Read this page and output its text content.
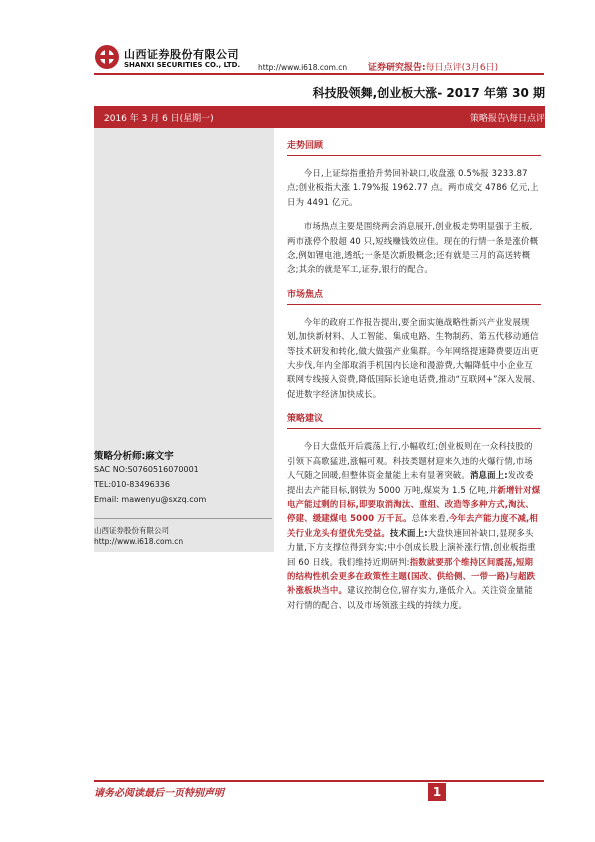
山西证券股份有限公司
SHANXI SECURITIES CO., LTD. http://www.i618.com.cn 证券研究报告:每日点评(3月6日)
科技股领舞,创业板大涨- 2017 年第 30 期
2016 年 3 月 6 日(星期一)	策略报告\每日点评
策略分析师:麻文宇
SAC NO:S0760516070001
TEL:010-83496336
Email: mawenyu@sxzq.com
山西证券股份有限公司
http://www.i618.com.cn
走势回顾

今日,上证综指重拾升势回补缺口,收盘涨 0.5%报 3233.87 点;创业板指大涨 1.79%报 1962.77 点。两市成交 4786 亿元,上日为 4491 亿元。

市场热点主要是围绕两会消息展开,创业板走势明显强于主板,两市涨停个股超 40 只,短线赚钱效应佳。现在的行情一条是涨价概念,例如锂电池,透纸;一条是次新股概念;还有就是三月的高送转概念;其余的就是军工,证券,银行的配合。

市场焦点

今年的政府工作报告提出,要全面实施战略性新兴产业发展规划,加快新材料、人工智能、集成电路、生物制药、第五代移动通信等技术研发和转化,做大做强产业集群。今年网络提速降费要迈出更大步伐,年内全部取消手机国内长途和漫游费,大幅降低中小企业互联网专线接入资费,降低国际长途电话费,推动“互联网+”深入发展、促进数字经济加快成长。

策略建议

今日大盘低开后震荡上行,小幅收红;创业板则在一众科技股的引领下高歌猛进,涨幅可观。科技类题材迎来久违的火爆行情,市场人气随之回暖,但整体资金量能上未有显著突破。消息面上:发改委提出去产能目标,钢铁为 5000 万吨,煤炭为 1.5 亿吨,并新增针对煤电产能过剩的目标,即要取消淘汰、重组、改造等多种方式,淘汰、停建、缓建煤电 5000 万千瓦。总体来看,今年去产能力度不减,相关行业龙头有望优先受益。技术面上:大盘快速回补缺口,显现多头力量,下方支撑位得到夯实;中小创成长股上演补涨行情,创业板指重回 60 日线。我们维持近期研判:指数就要那个维持区间震荡,短期的结构性机会更多在政策性主题(国改、供给侧、一带一路)与超跌补涨板块当中。建议控制仓位,留存实力,逢低介入。关注资金量能对行情的配合、以及市场领涨主线的持续力度。

请务必阅读最后一页特别声明	1
